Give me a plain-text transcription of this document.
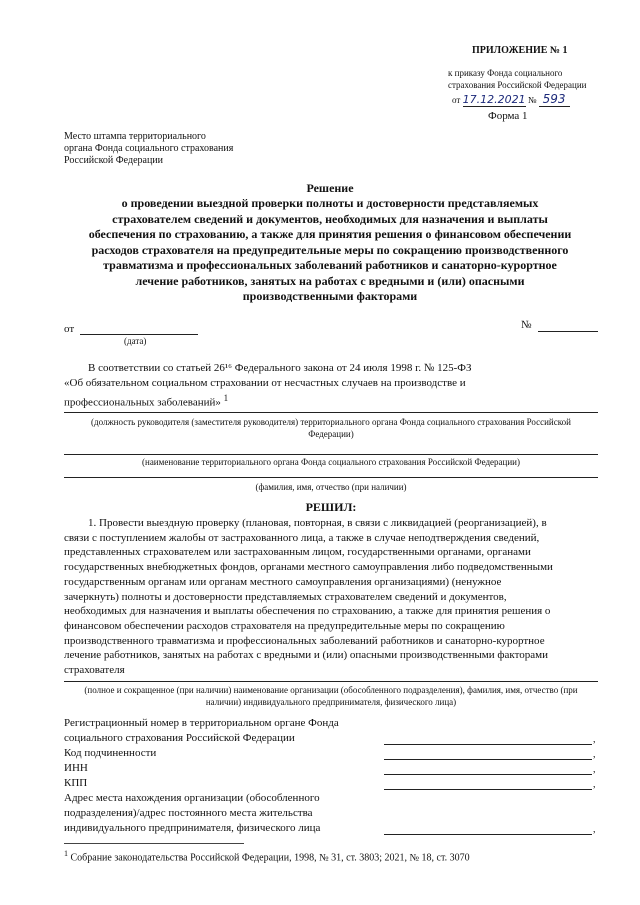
ПРИЛОЖЕНИЕ № 1
к приказу Фонда социального
страхования Российской Федерации
от 17.12.2021 № 593
Форма 1
Место штампа территориального
органа Фонда социального страхования
Российской Федерации
Решение
о проведении выездной проверки полноты и достоверности представляемых
страхователем сведений и документов, необходимых для назначения и выплаты
обеспечения по страхованию, а также для принятия решения о финансовом обеспечении
расходов страхователя на предупредительные меры по сокращению производственного
травматизма и профессиональных заболеваний работников и санаторно-курортное
лечение работников, занятых на работах с вредными и (или) опасными
производственными факторами
от
(дата)
№
В соответствии со статьей 26¹⁶ Федерального закона от 24 июля 1998 г. № 125-ФЗ
«Об обязательном социальном страховании от несчастных случаев на производстве и
профессиональных заболеваний» $^1$
(должность руководителя (заместителя руководителя) территориального органа Фонда социального страхования Российской
Федерации)
(наименование территориального органа Фонда социального страхования Российской Федерации)
(фамилия, имя, отчество (при наличии)
РЕШИЛ:
1. Провести выездную проверку (плановая, повторная, в связи с ликвидацией (реорганизацией), в
связи с поступлением жалобы от застрахованного лица, а также в случае неподтверждения сведений,
представленных страхователем или застрахованным лицом, государственными органами, органами
государственных внебюджетных фондов, органами местного самоуправления либо подведомственными
государственным органам или органам местного самоуправления организациями) (ненужное
зачеркнуть) полноты и достоверности представляемых страхователем сведений и документов,
необходимых для назначения и выплаты обеспечения по страхованию, а также для принятия решения о
финансовом обеспечении расходов страхователя на предупредительные меры по сокращению
производственного травматизма и профессиональных заболеваний работников и санаторно-курортное
лечение работников, занятых на работах с вредными и (или) опасными производственными факторами
страхователя
(полное и сокращенное (при наличии) наименование организации (обособленного подразделения), фамилия, имя, отчество (при
наличии) индивидуального предпринимателя, физического лица)
Регистрационный номер в территориальном органе Фонда
социального страхования Российской Федерации	,
Код подчиненности	,
ИНН	,
КПП	,
Адрес места нахождения организации (обособленного
подразделения)/адрес постоянного места жительства
индивидуального предпринимателя, физического лица	,
$^1$ Собрание законодательства Российской Федерации, 1998, № 31, ст. 3803; 2021, № 18, ст. 3070
